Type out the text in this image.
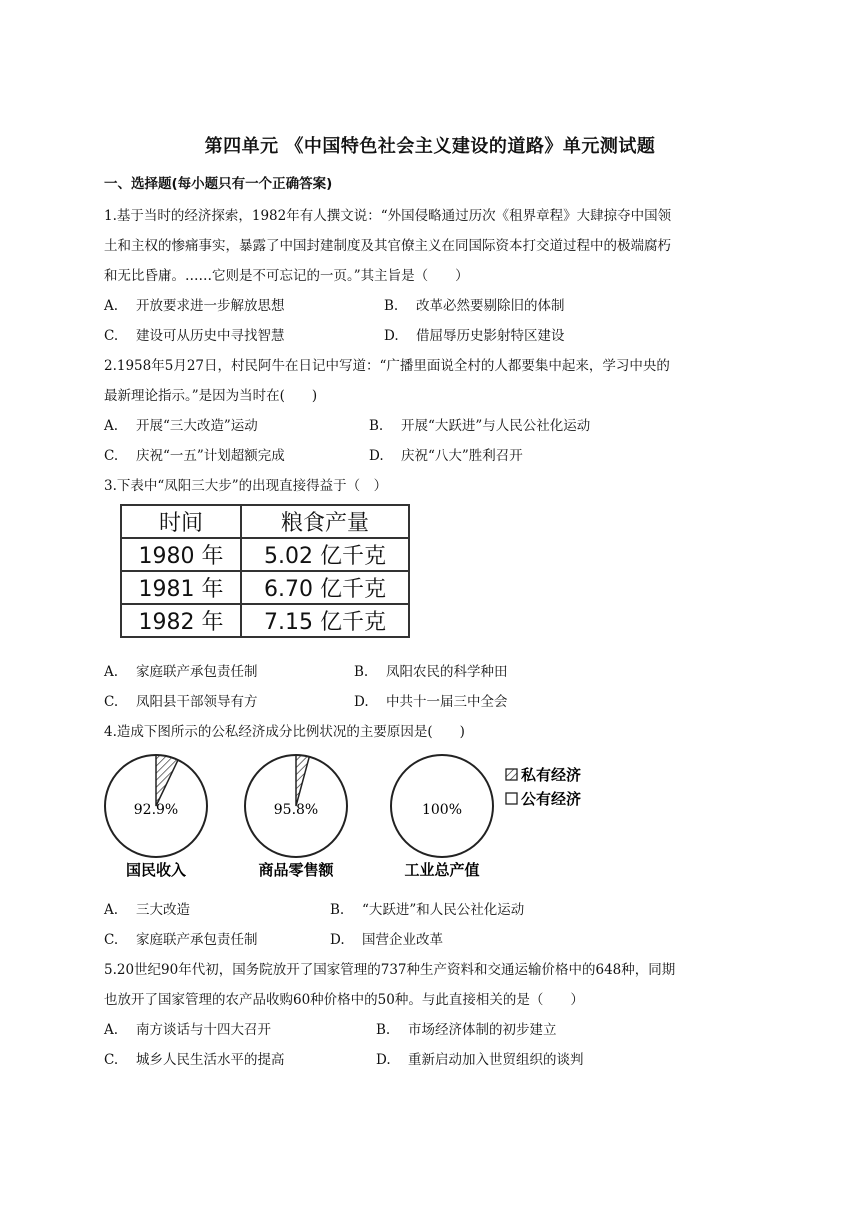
第四单元 《中国特色社会主义建设的道路》单元测试题
一、选择题(每小题只有一个正确答案)
1.基于当时的经济探索，1982年有人撰文说：“外国侵略通过历次《租界章程》大肆掠夺中国领
土和主权的惨痛事实，暴露了中国封建制度及其官僚主义在同国际资本打交道过程中的极端腐朽
和无比昏庸。……它则是不可忘记的一页。”其主旨是（　　）
A. 开放要求进一步解放思想	B. 改革必然要剔除旧的体制
C. 建设可从历史中寻找智慧	D. 借屈辱历史影射特区建设
2.1958年5月27日，村民阿牛在日记中写道：“广播里面说全村的人都要集中起来，学习中央的
最新理论指示。”是因为当时在(　　)
A. 开展“三大改造”运动	B. 开展“大跃进”与人民公社化运动
C. 庆祝“一五”计划超额完成	D. 庆祝“八大”胜利召开
3.下表中“凤阳三大步”的出现直接得益于（　）
时间	粮食产量
1980 年	5.02 亿千克
1981 年	6.70 亿千克
1982 年	7.15 亿千克
A. 家庭联产承包责任制	B. 凤阳农民的科学种田
C. 凤阳县干部领导有方	D. 中共十一届三中全会
4.造成下图所示的公私经济成分比例状况的主要原因是(　　)
92.9%
国民收入
95.8%
商品零售额
100%
工业总产值
私有经济
公有经济
A. 三大改造	B. “大跃进”和人民公社化运动
C. 家庭联产承包责任制	D. 国营企业改革
5.20世纪90年代初，国务院放开了国家管理的737种生产资料和交通运输价格中的648种，同期
也放开了国家管理的农产品收购60种价格中的50种。与此直接相关的是（　　）
A. 南方谈话与十四大召开	B. 市场经济体制的初步建立
C. 城乡人民生活水平的提高	D. 重新启动加入世贸组织的谈判
